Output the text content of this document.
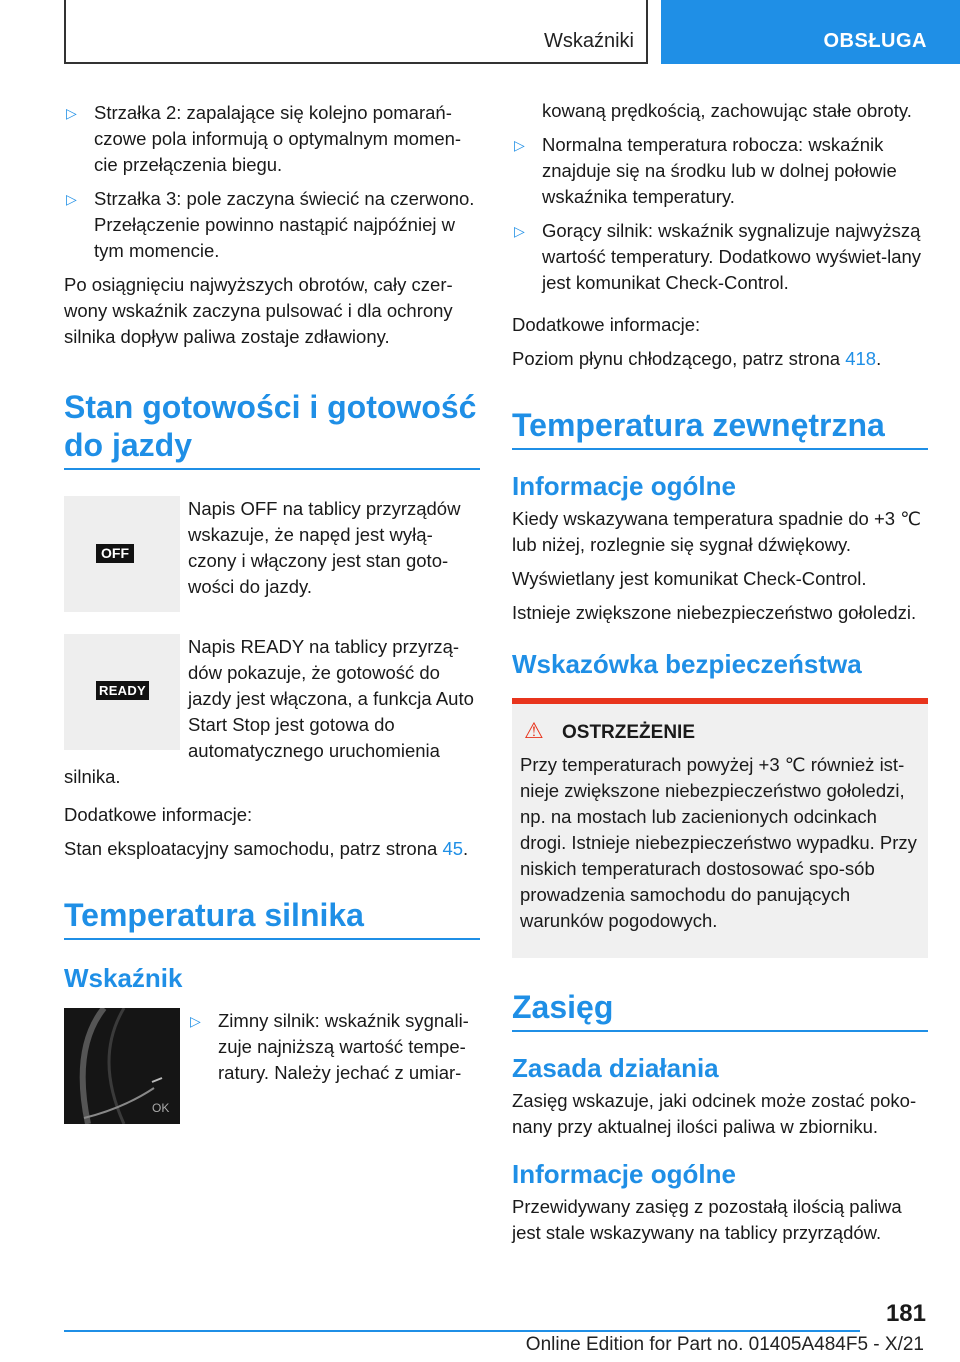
Wskaźniki	OBSŁUGA
▷ Strzałka 2: zapalające się kolejno pomarań-czowe pola informują o optymalnym momen-cie przełączenia biegu.
▷ Strzałka 3: pole zaczyna świecić na czerwono. Przełączenie powinno nastąpić najpóźniej w tym momencie.

Po osiągnięciu najwyższych obrotów, cały czer-wony wskaźnik zaczyna pulsować i dla ochrony silnika dopływ paliwa zostaje zdławiony.

Stan gotowości i gotowość do jazdy
OFF

Napis OFF na tablicy przyrządów wskazuje, że napęd jest wyłą-czony i włączony jest stan goto-wości do jazdy.

READY

Napis READY na tablicy przyrzą-dów pokazuje, że gotowość do jazdy jest włączona, a funkcja Auto Start Stop jest gotowa do automatycznego uruchomienia silnika.

Dodatkowe informacje:

Stan eksploatacyjny samochodu, patrz strona 45.

Temperatura silnika
Wskaźnik
OK
▷ Zimny silnik: wskaźnik sygnali-zuje najniższą wartość tempe-ratury. Należy jechać z umiar-

kowaną prędkością, zachowując stałe obroty.

▷ Normalna temperatura robocza: wskaźnik znajduje się na środku lub w dolnej połowie wskaźnika temperatury.
▷ Gorący silnik: wskaźnik sygnalizuje najwyższą wartość temperatury. Dodatkowo wyświet-lany jest komunikat Check-Control.

Dodatkowe informacje:

Poziom płynu chłodzącego, patrz strona 418.

Temperatura zewnętrzna
Informacje ogólne

Kiedy wskazywana temperatura spadnie do +3 ℃ lub niżej, rozlegnie się sygnał dźwiękowy.

Wyświetlany jest komunikat Check-Control.

Istnieje zwiększone niebezpieczeństwo gołoledzi.

Wskazówka bezpieczeństwa
⚠ OSTRZEŻENIE

Przy temperaturach powyżej +3 ℃ również ist-nieje zwiększone niebezpieczeństwo gołoledzi, np. na mostach lub zacienionych odcinkach drogi. Istnieje niebezpieczeństwo wypadku. Przy niskich temperaturach dostosować spo-sób prowadzenia samochodu do panujących warunków pogodowych.

Zasięg
Zasada działania

Zasięg wskazuje, jaki odcinek może zostać poko-nany przy aktualnej ilości paliwa w zbiorniku.

Informacje ogólne

Przewidywany zasięg z pozostałą ilością paliwa jest stale wskazywany na tablicy przyrządów.

181
Online Edition for Part no. 01405A484F5 - X/21
